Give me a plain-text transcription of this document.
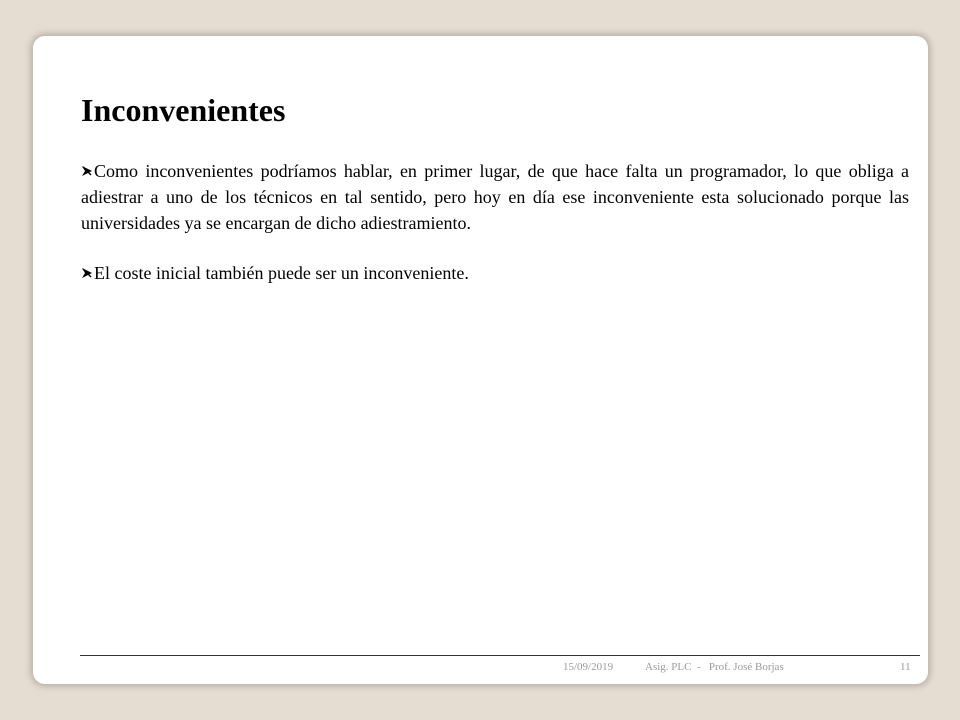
Inconvenientes

Como inconvenientes podríamos hablar, en primer lugar, de que hace falta un programador, lo que obliga a adiestrar a uno de los técnicos en tal sentido, pero hoy en día ese inconveniente esta solucionado porque las universidades ya se encargan de dicho adiestramiento.

El coste inicial también puede ser un inconveniente.

15/09/2019	Asig. PLC  -   Prof. José Borjas	11
